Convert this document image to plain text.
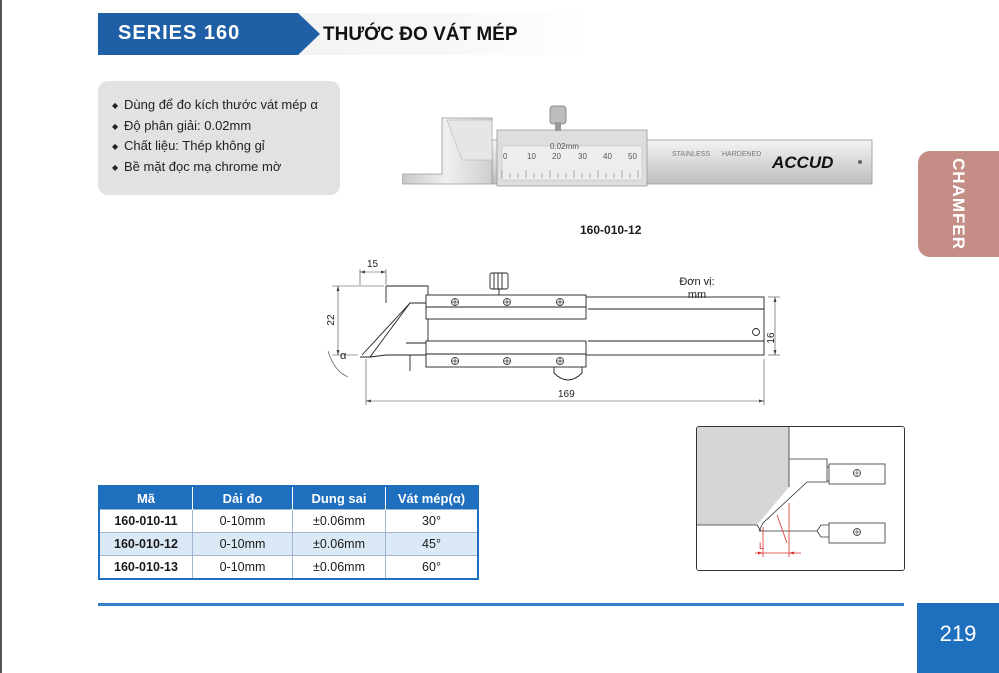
SERIES 160	THƯỚC ĐO VÁT MÉP
◆ Dùng để đo kích thước vát mép α
◆ Độ phân giải: 0.02mm
◆ Chất liệu: Thép không gỉ
◆ Bề mặt đọc mạ chrome mờ
0.02mm
0 10 20 30 40 50	STAINLESS HARDENED ACCUD
160-010-12	CHAMFER
15
22
α
16
169
Đơn vị:
mm
Mã	Dải đo	Dung sai	Vát mép(α)
160-010-11	0-10mm	±0.06mm	30°
160-010-12	0-10mm	±0.06mm	45°
160-010-13	0-10mm	±0.06mm	60°
L
219
